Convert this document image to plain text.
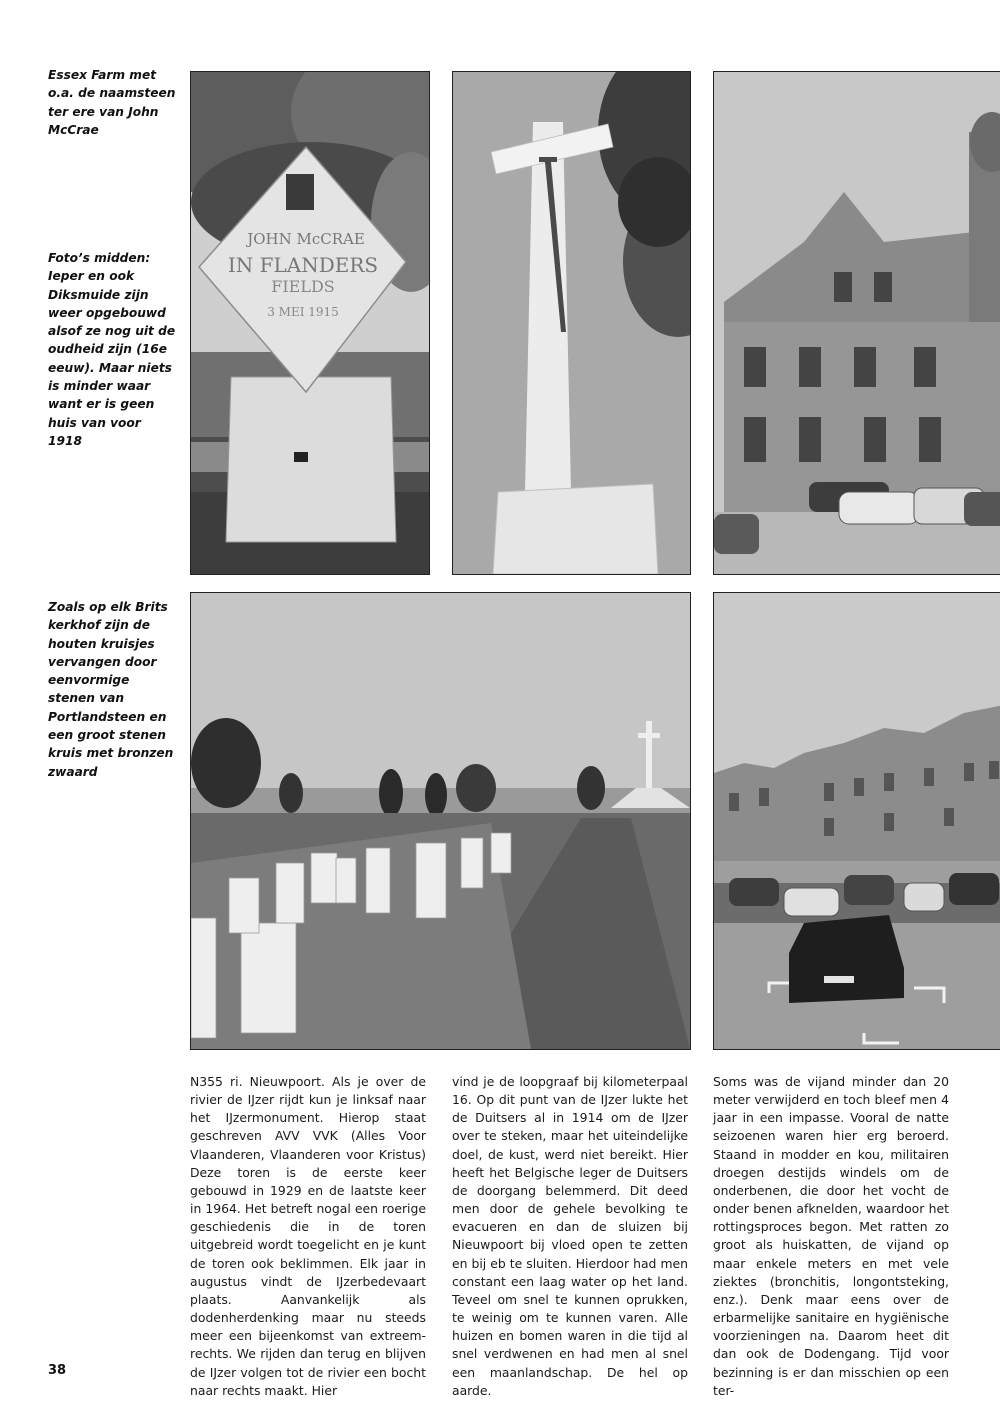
Essex Farm met o.a. de naamsteen ter ere van John McCrae
Foto’s midden: Ieper en ook Diksmuide zijn weer opgebouwd alsof ze nog uit de oudheid zijn (16e eeuw). Maar niets is minder waar want er is geen huis van voor 1918
Zoals op elk Brits kerkhof zijn de houten kruisjes vervangen door eenvormige stenen van Portlandsteen en een groot stenen kruis met bronzen zwaard
JOHN McCRAE
IN FLANDERS
FIELDS
3 MEI 1915

N355 ri. Nieuwpoort. Als je over de rivier de IJzer rijdt kun je linksaf naar het IJzermonument. Hierop staat geschreven AVV VVK (Alles Voor Vlaanderen, Vlaanderen voor Kristus) Deze toren is de eerste keer gebouwd in 1929 en de laatste keer in 1964. Het betreft nogal een roerige geschiedenis die in de toren uitgebreid wordt toegelicht en je kunt de toren ook beklimmen. Elk jaar in augustus vindt de IJzerbedevaart plaats. Aanvankelijk als dodenherdenking maar nu steeds meer een bijeenkomst van extreem-rechts. We rijden dan terug en blijven de IJzer volgen tot de rivier een bocht naar rechts maakt. Hier

vind je de loopgraaf bij kilometerpaal 16. Op dit punt van de IJzer lukte het de Duitsers al in 1914 om de IJzer over te steken, maar het uiteindelijke doel, de kust, werd niet bereikt. Hier heeft het Belgische leger de Duitsers de doorgang belemmerd. Dit deed men door de gehele bevolking te evacueren en dan de sluizen bij Nieuwpoort bij vloed open te zetten en bij eb te sluiten. Hierdoor had men constant een laag water op het land. Teveel om snel te kunnen oprukken, te weinig om te kunnen varen. Alle huizen en bomen waren in die tijd al snel verdwenen en had men al snel een maanlandschap. De hel op aarde.

Soms was de vijand minder dan 20 meter verwijderd en toch bleef men 4 jaar in een impasse. Vooral de natte seizoenen waren hier erg beroerd. Staand in modder en kou, militairen droegen destijds windels om de onderbenen, die door het vocht de onder benen afknelden, waardoor het rottingsproces begon. Met ratten zo groot als huiskatten, de vijand op maar enkele meters en met vele ziektes (bronchitis, longontsteking, enz.). Denk maar eens over de erbarmelijke sanitaire en hygiënische voorzieningen na. Daarom heet dit dan ook de Dodengang. Tijd voor bezinning is er dan misschien op een ter-

38
